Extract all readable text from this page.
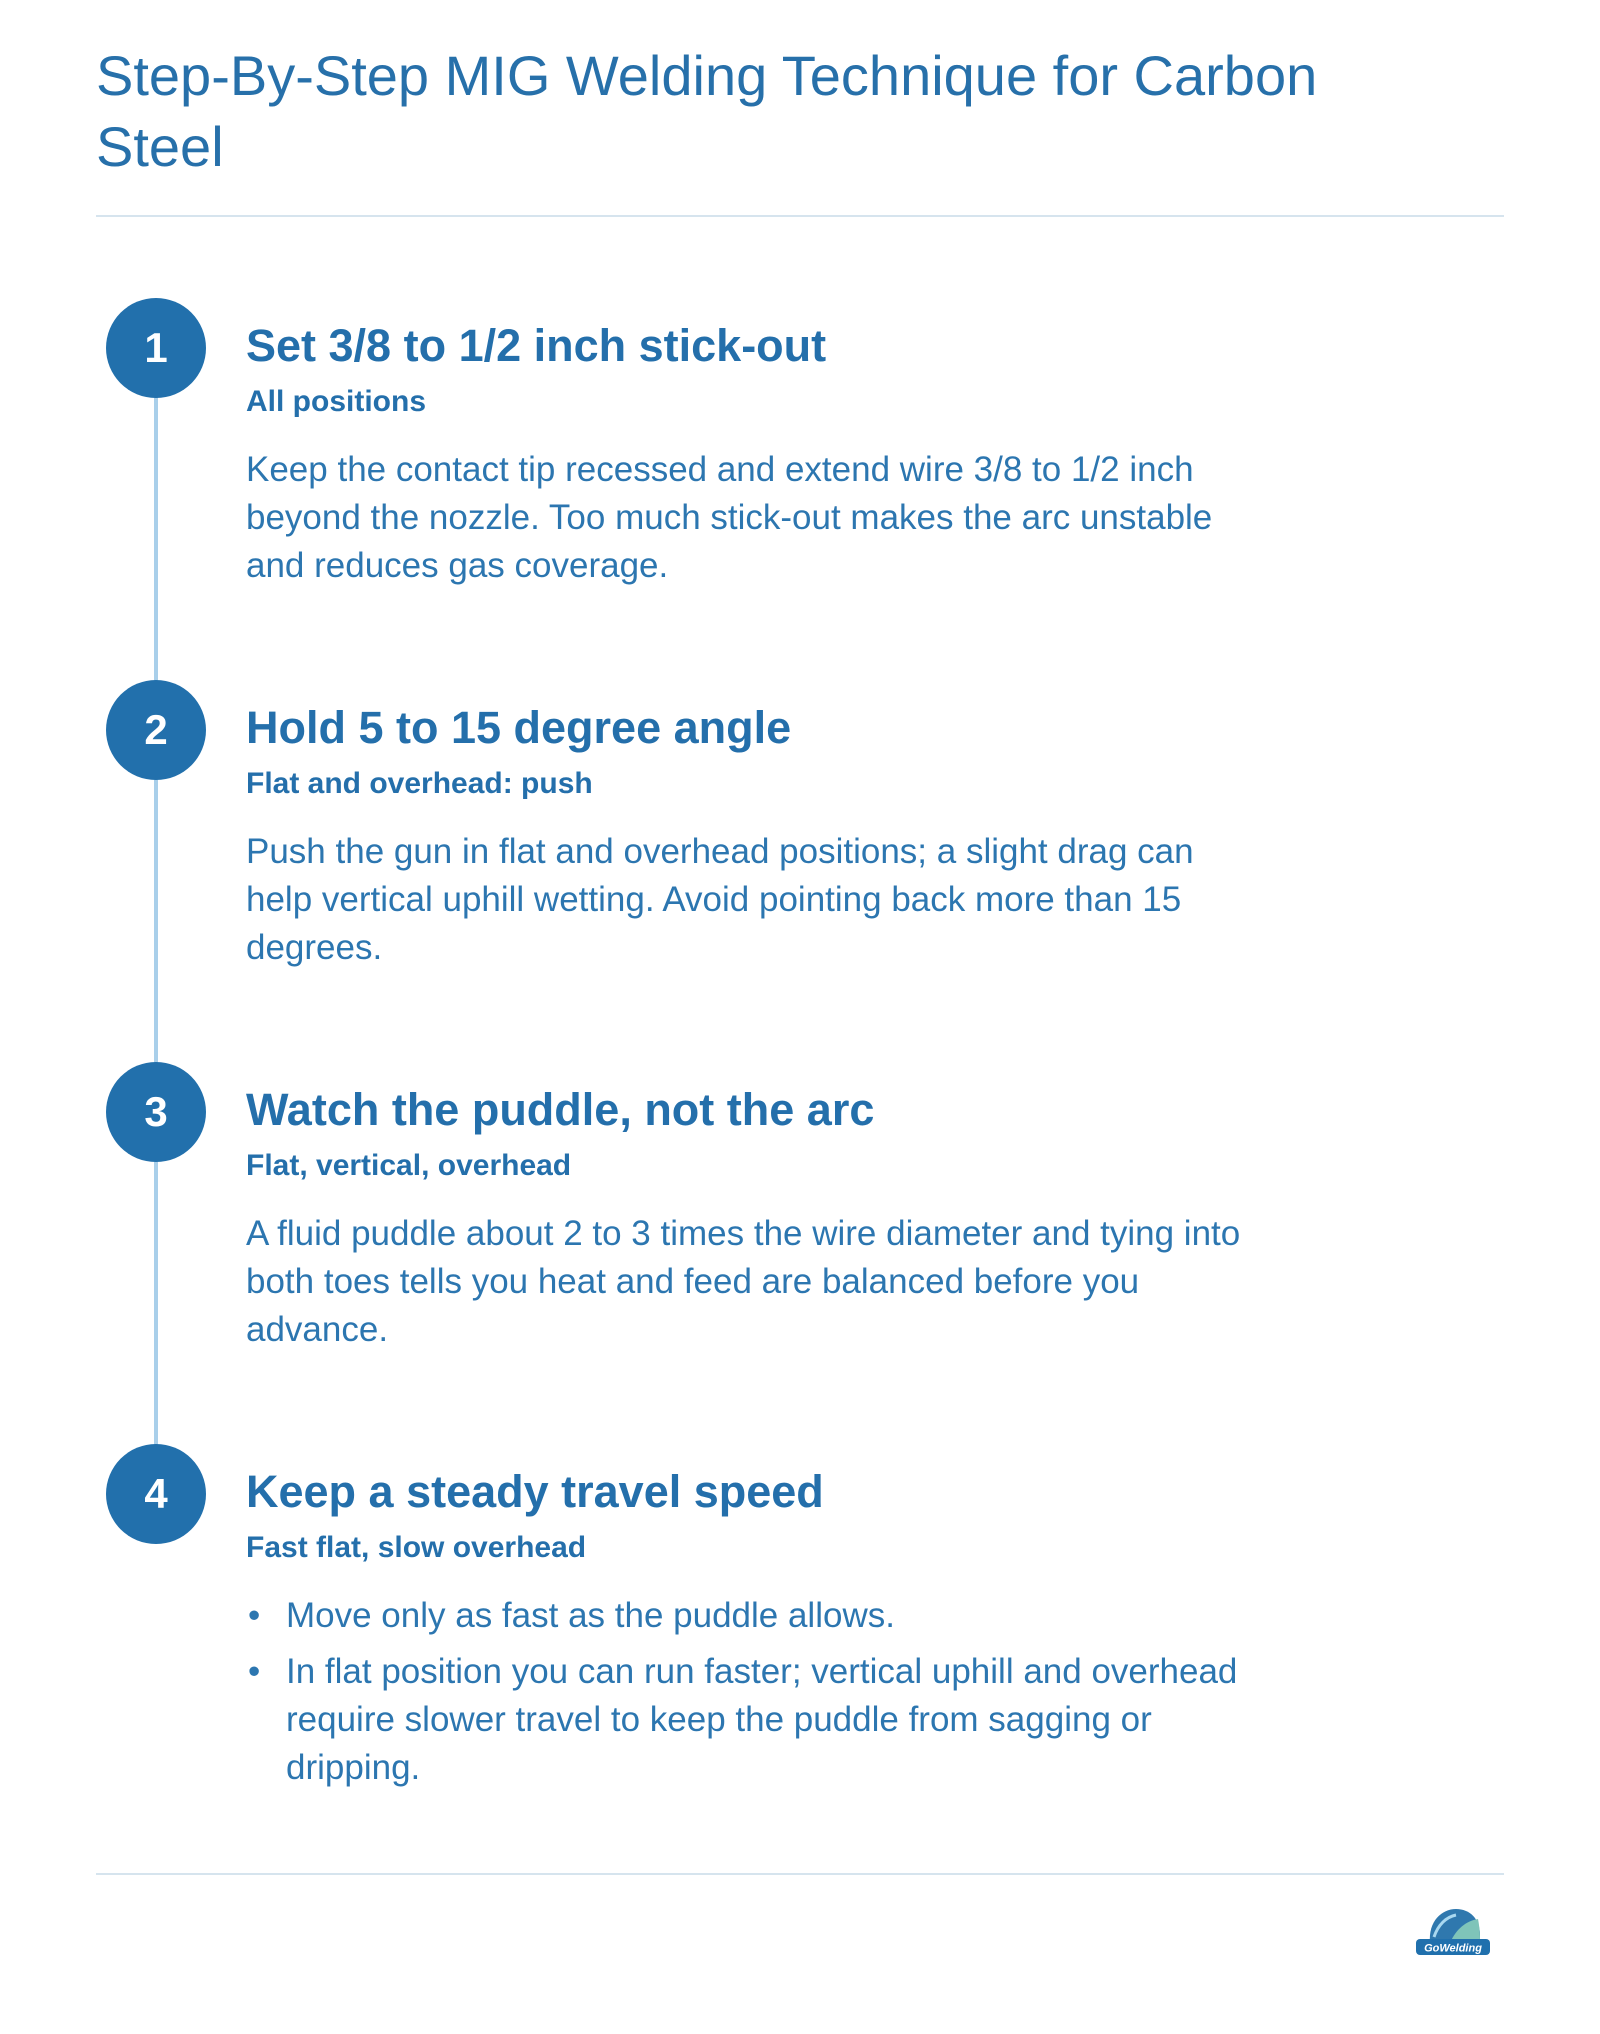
Step-By-Step MIG Welding Technique for Carbon Steel
1	Set 3/8 to 1/2 inch stick-out

All positions

Keep the contact tip recessed and extend wire 3/8 to 1/2 inch beyond the nozzle. Too much stick-out makes the arc unstable and reduces gas coverage.

2	Hold 5 to 15 degree angle

Flat and overhead: push

Push the gun in flat and overhead positions; a slight drag can help vertical uphill wetting. Avoid pointing back more than 15 degrees.

3	Watch the puddle, not the arc

Flat, vertical, overhead

A fluid puddle about 2 to 3 times the wire diameter and tying into both toes tells you heat and feed are balanced before you advance.

4	Keep a steady travel speed

Fast flat, slow overhead

• Move only as fast as the puddle allows.
• In flat position you can run faster; vertical uphill and overhead require slower travel to keep the puddle from sagging or dripping.
GoWelding
